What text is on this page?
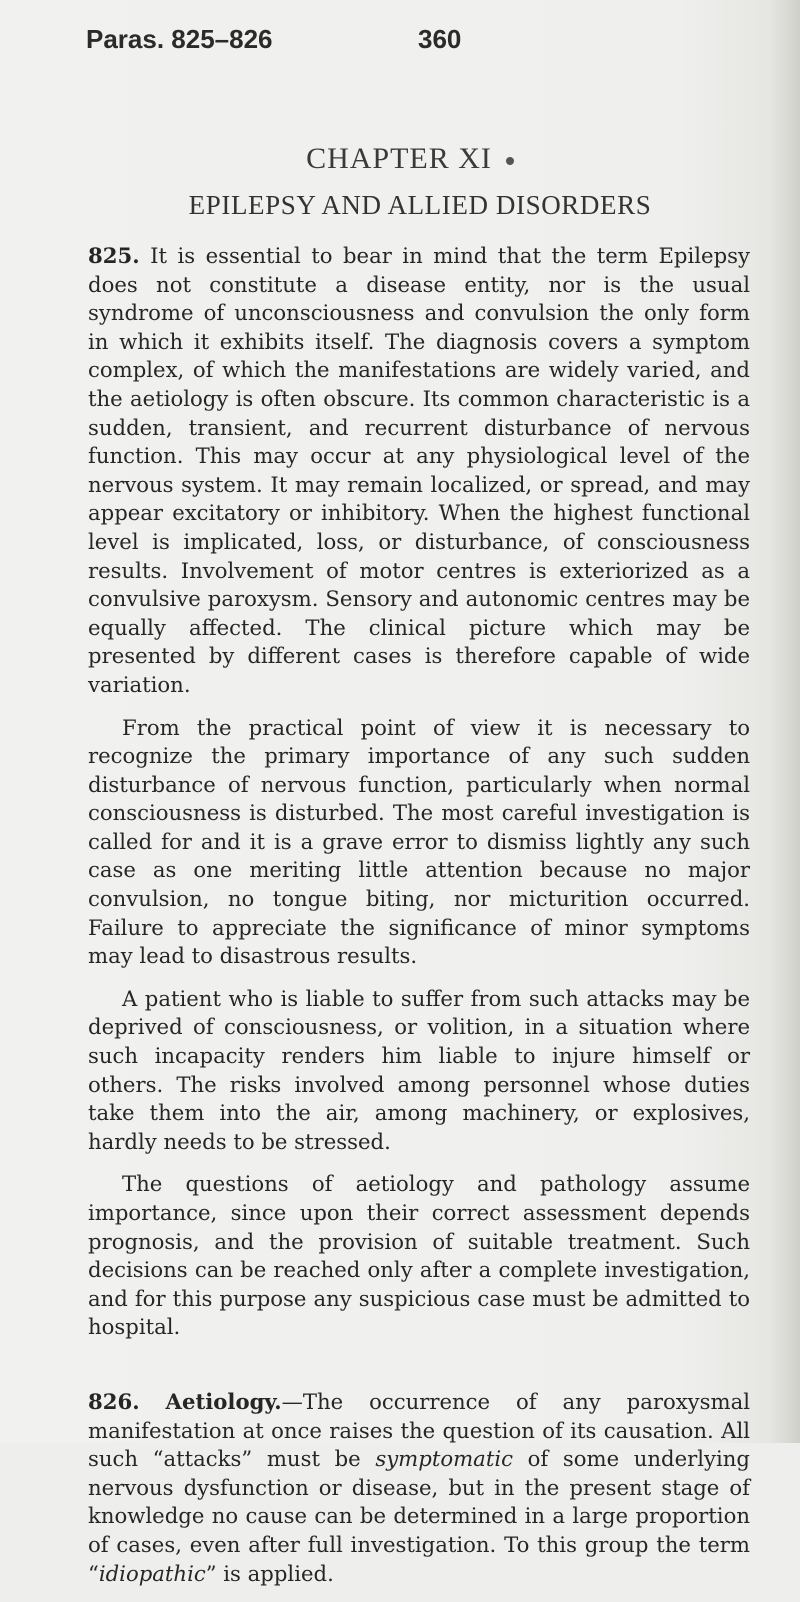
Paras. 825–826	360
CHAPTER XI
EPILEPSY AND ALLIED DISORDERS

825. It is essential to bear in mind that the term Epilepsy does not constitute a disease entity, nor is the usual syndrome of unconsciousness and convulsion the only form in which it exhibits itself. The diagnosis covers a symptom complex, of which the manifestations are widely varied, and the aetiology is often obscure. Its common characteristic is a sudden, transient, and recurrent disturbance of nervous function. This may occur at any physiological level of the nervous system. It may remain localized, or spread, and may appear excitatory or inhibitory. When the highest functional level is implicated, loss, or disturbance, of consciousness results. Involvement of motor centres is exteriorized as a convulsive paroxysm. Sensory and autonomic centres may be equally affected. The clinical picture which may be presented by different cases is therefore capable of wide variation.

From the practical point of view it is necessary to recognize the primary importance of any such sudden disturbance of nervous function, particularly when normal consciousness is disturbed. The most careful investigation is called for and it is a grave error to dismiss lightly any such case as one meriting little attention because no major convulsion, no tongue biting, nor micturition occurred. Failure to appreciate the significance of minor symptoms may lead to disastrous results.

A patient who is liable to suffer from such attacks may be deprived of consciousness, or volition, in a situation where such incapacity renders him liable to injure himself or others. The risks involved among personnel whose duties take them into the air, among machinery, or explosives, hardly needs to be stressed.

The questions of aetiology and pathology assume importance, since upon their correct assessment depends prognosis, and the provision of suitable treatment. Such decisions can be reached only after a complete investigation, and for this purpose any suspicious case must be admitted to hospital.

826. Aetiology.—The occurrence of any paroxysmal manifestation at once raises the question of its causation. All such “attacks” must be symptomatic of some underlying nervous dysfunction or disease, but in the present stage of knowledge no cause can be determined in a large proportion of cases, even after full investigation. To this group the term “idiopathic” is applied.
